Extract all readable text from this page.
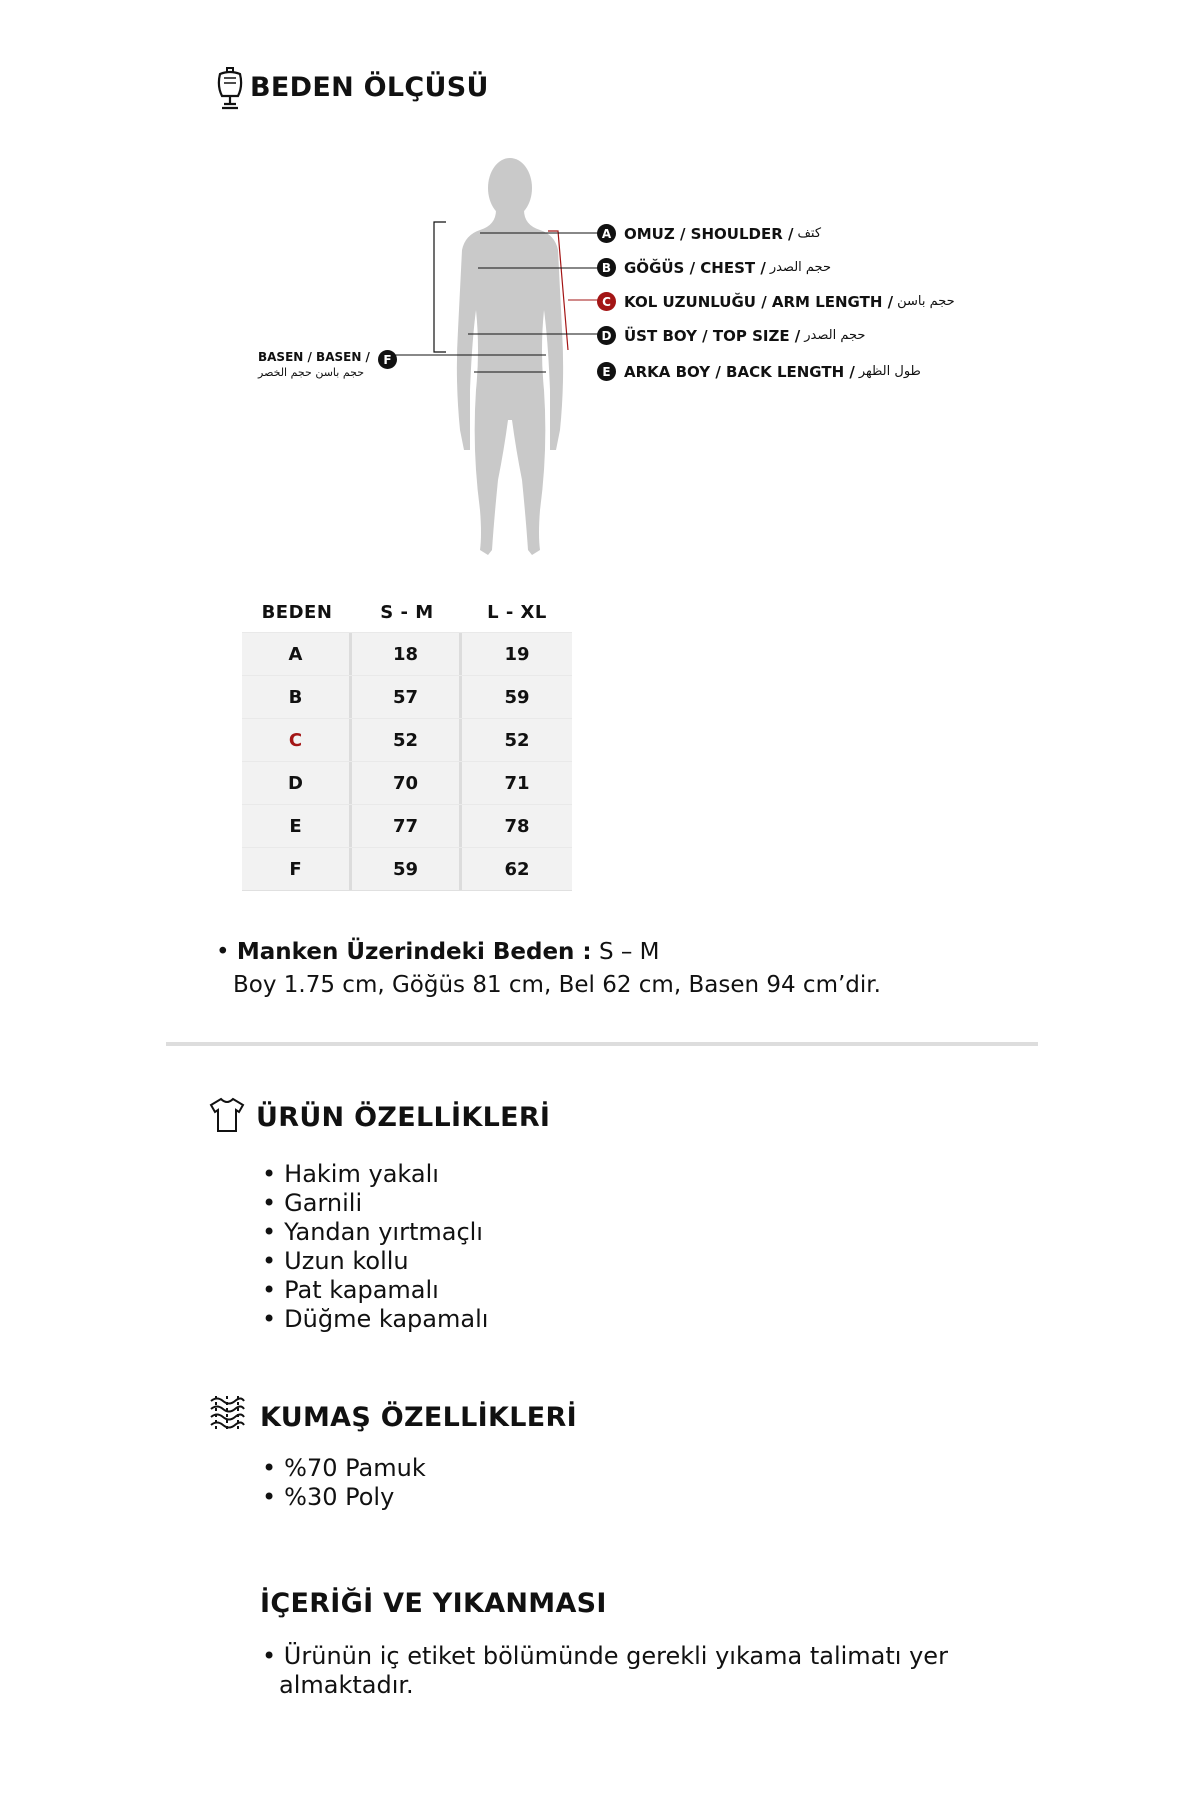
BEDEN ÖLÇÜSÜ
A OMUZ / SHOULDER / كتف
B GÖĞÜS / CHEST / حجم الصدر
C KOL UZUNLUĞU / ARM LENGTH / حجم باسن
D ÜST BOY / TOP SIZE / حجم الصدر
E ARKA BOY / BACK LENGTH / طول الظهر
BASEN / BASEN /
حجم باسن حجم الخصر
F
BEDEN	S - M	L - XL
A	18	19
B	57	59
C	52	52
D	70	71
E	77	78
F	59	62
• Manken Üzerindeki Beden : S – M
Boy 1.75 cm, Göğüs 81 cm, Bel 62 cm, Basen 94 cm’dir.
ÜRÜN ÖZELLİKLERİ
• Hakim yakalı
• Garnili
• Yandan yırtmaçlı
• Uzun kollu
• Pat kapamalı
• Düğme kapamalı
KUMAŞ ÖZELLİKLERİ
• %70 Pamuk
• %30 Poly
İÇERİĞİ VE YIKANMASI
• Ürünün iç etiket bölümünde gerekli yıkama talimatı yer
almaktadır.
